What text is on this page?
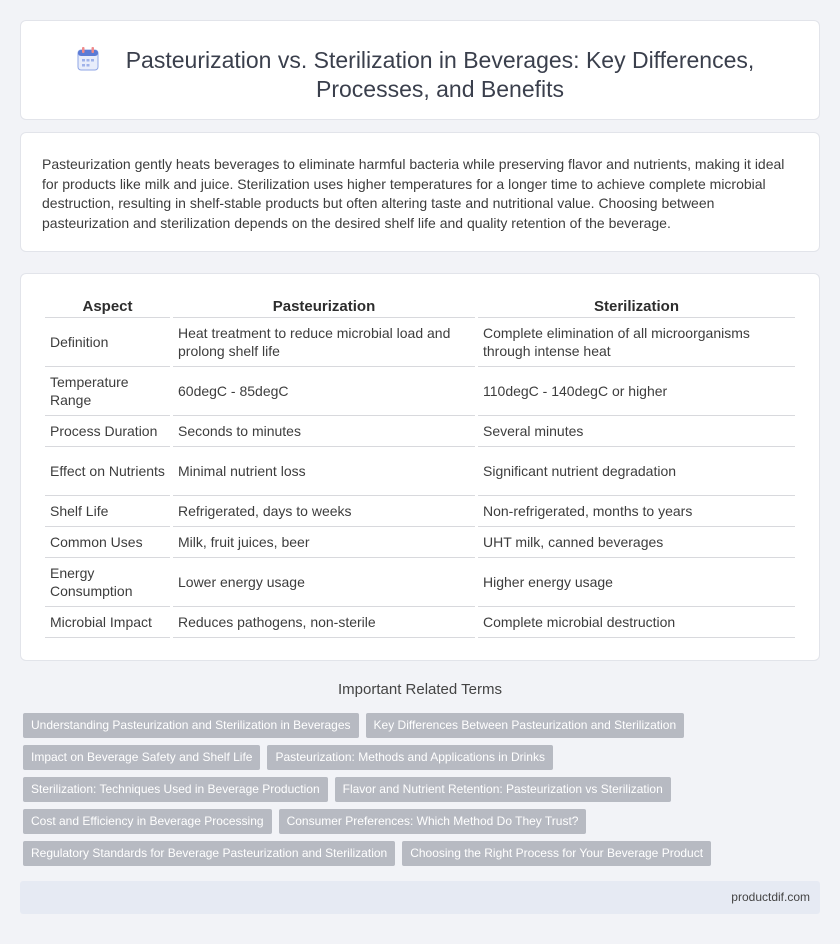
Pasteurization vs. Sterilization in Beverages: Key Differences, Processes, and Benefits

Pasteurization gently heats beverages to eliminate harmful bacteria while preserving flavor and nutrients, making it ideal for products like milk and juice. Sterilization uses higher temperatures for a longer time to achieve complete microbial destruction, resulting in shelf-stable products but often altering taste and nutritional value. Choosing between pasteurization and sterilization depends on the desired shelf life and quality retention of the beverage.

Aspect	Pasteurization	Sterilization
Definition	Heat treatment to reduce microbial load and prolong shelf life	Complete elimination of all microorganisms through intense heat
Temperature Range	60degC - 85degC	110degC - 140degC or higher
Process Duration	Seconds to minutes	Several minutes
Effect on Nutrients	Minimal nutrient loss	Significant nutrient degradation
Shelf Life	Refrigerated, days to weeks	Non-refrigerated, months to years
Common Uses	Milk, fruit juices, beer	UHT milk, canned beverages
Energy Consumption	Lower energy usage	Higher energy usage
Microbial Impact	Reduces pathogens, non-sterile	Complete microbial destruction
Important Related Terms
Understanding Pasteurization and Sterilization in Beverages Key Differences Between Pasteurization and Sterilization
Impact on Beverage Safety and Shelf Life Pasteurization: Methods and Applications in Drinks
Sterilization: Techniques Used in Beverage Production Flavor and Nutrient Retention: Pasteurization vs Sterilization
Cost and Efficiency in Beverage Processing Consumer Preferences: Which Method Do They Trust?
Regulatory Standards for Beverage Pasteurization and Sterilization Choosing the Right Process for Your Beverage Product
productdif.com
